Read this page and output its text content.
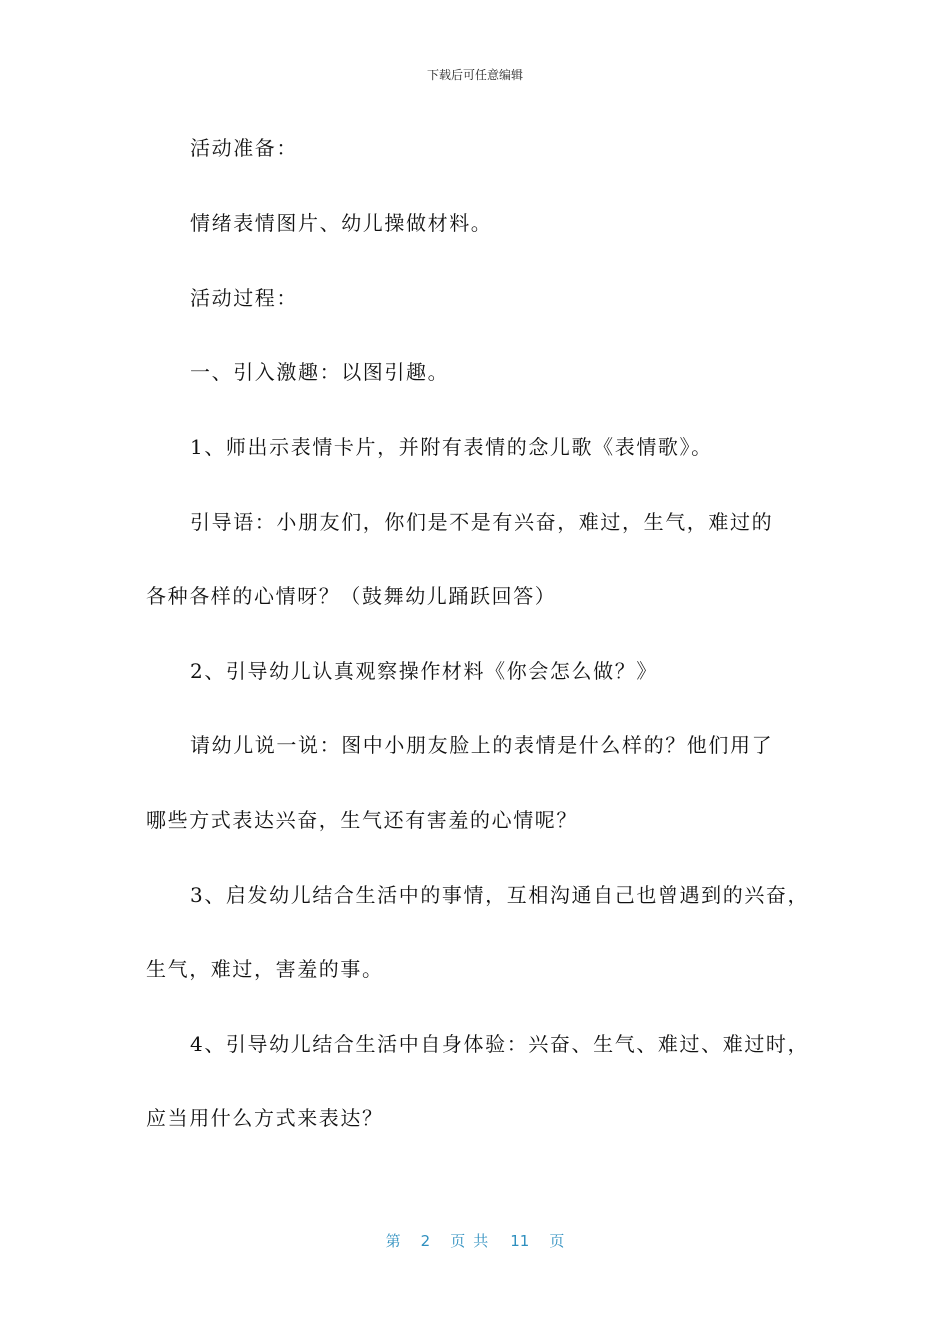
下载后可任意编辑
活动准备：
情绪表情图片、幼儿操做材料。
活动过程：
一、引入激趣：以图引趣。
1、师出示表情卡片，并附有表情的念儿歌《表情歌》。
引导语：小朋友们，你们是不是有兴奋，难过，生气，难过的
各种各样的心情呀？（鼓舞幼儿踊跃回答）
2、引导幼儿认真观察操作材料《你会怎么做？》
请幼儿说一说：图中小朋友脸上的表情是什么样的？他们用了
哪些方式表达兴奋，生气还有害羞的心情呢？
3、启发幼儿结合生活中的事情，互相沟通自己也曾遇到的兴奋，
生气，难过，害羞的事。
4、引导幼儿结合生活中自身体验：兴奋、生气、难过、难过时，
应当用什么方式来表达？
第 2 页共 11 页
